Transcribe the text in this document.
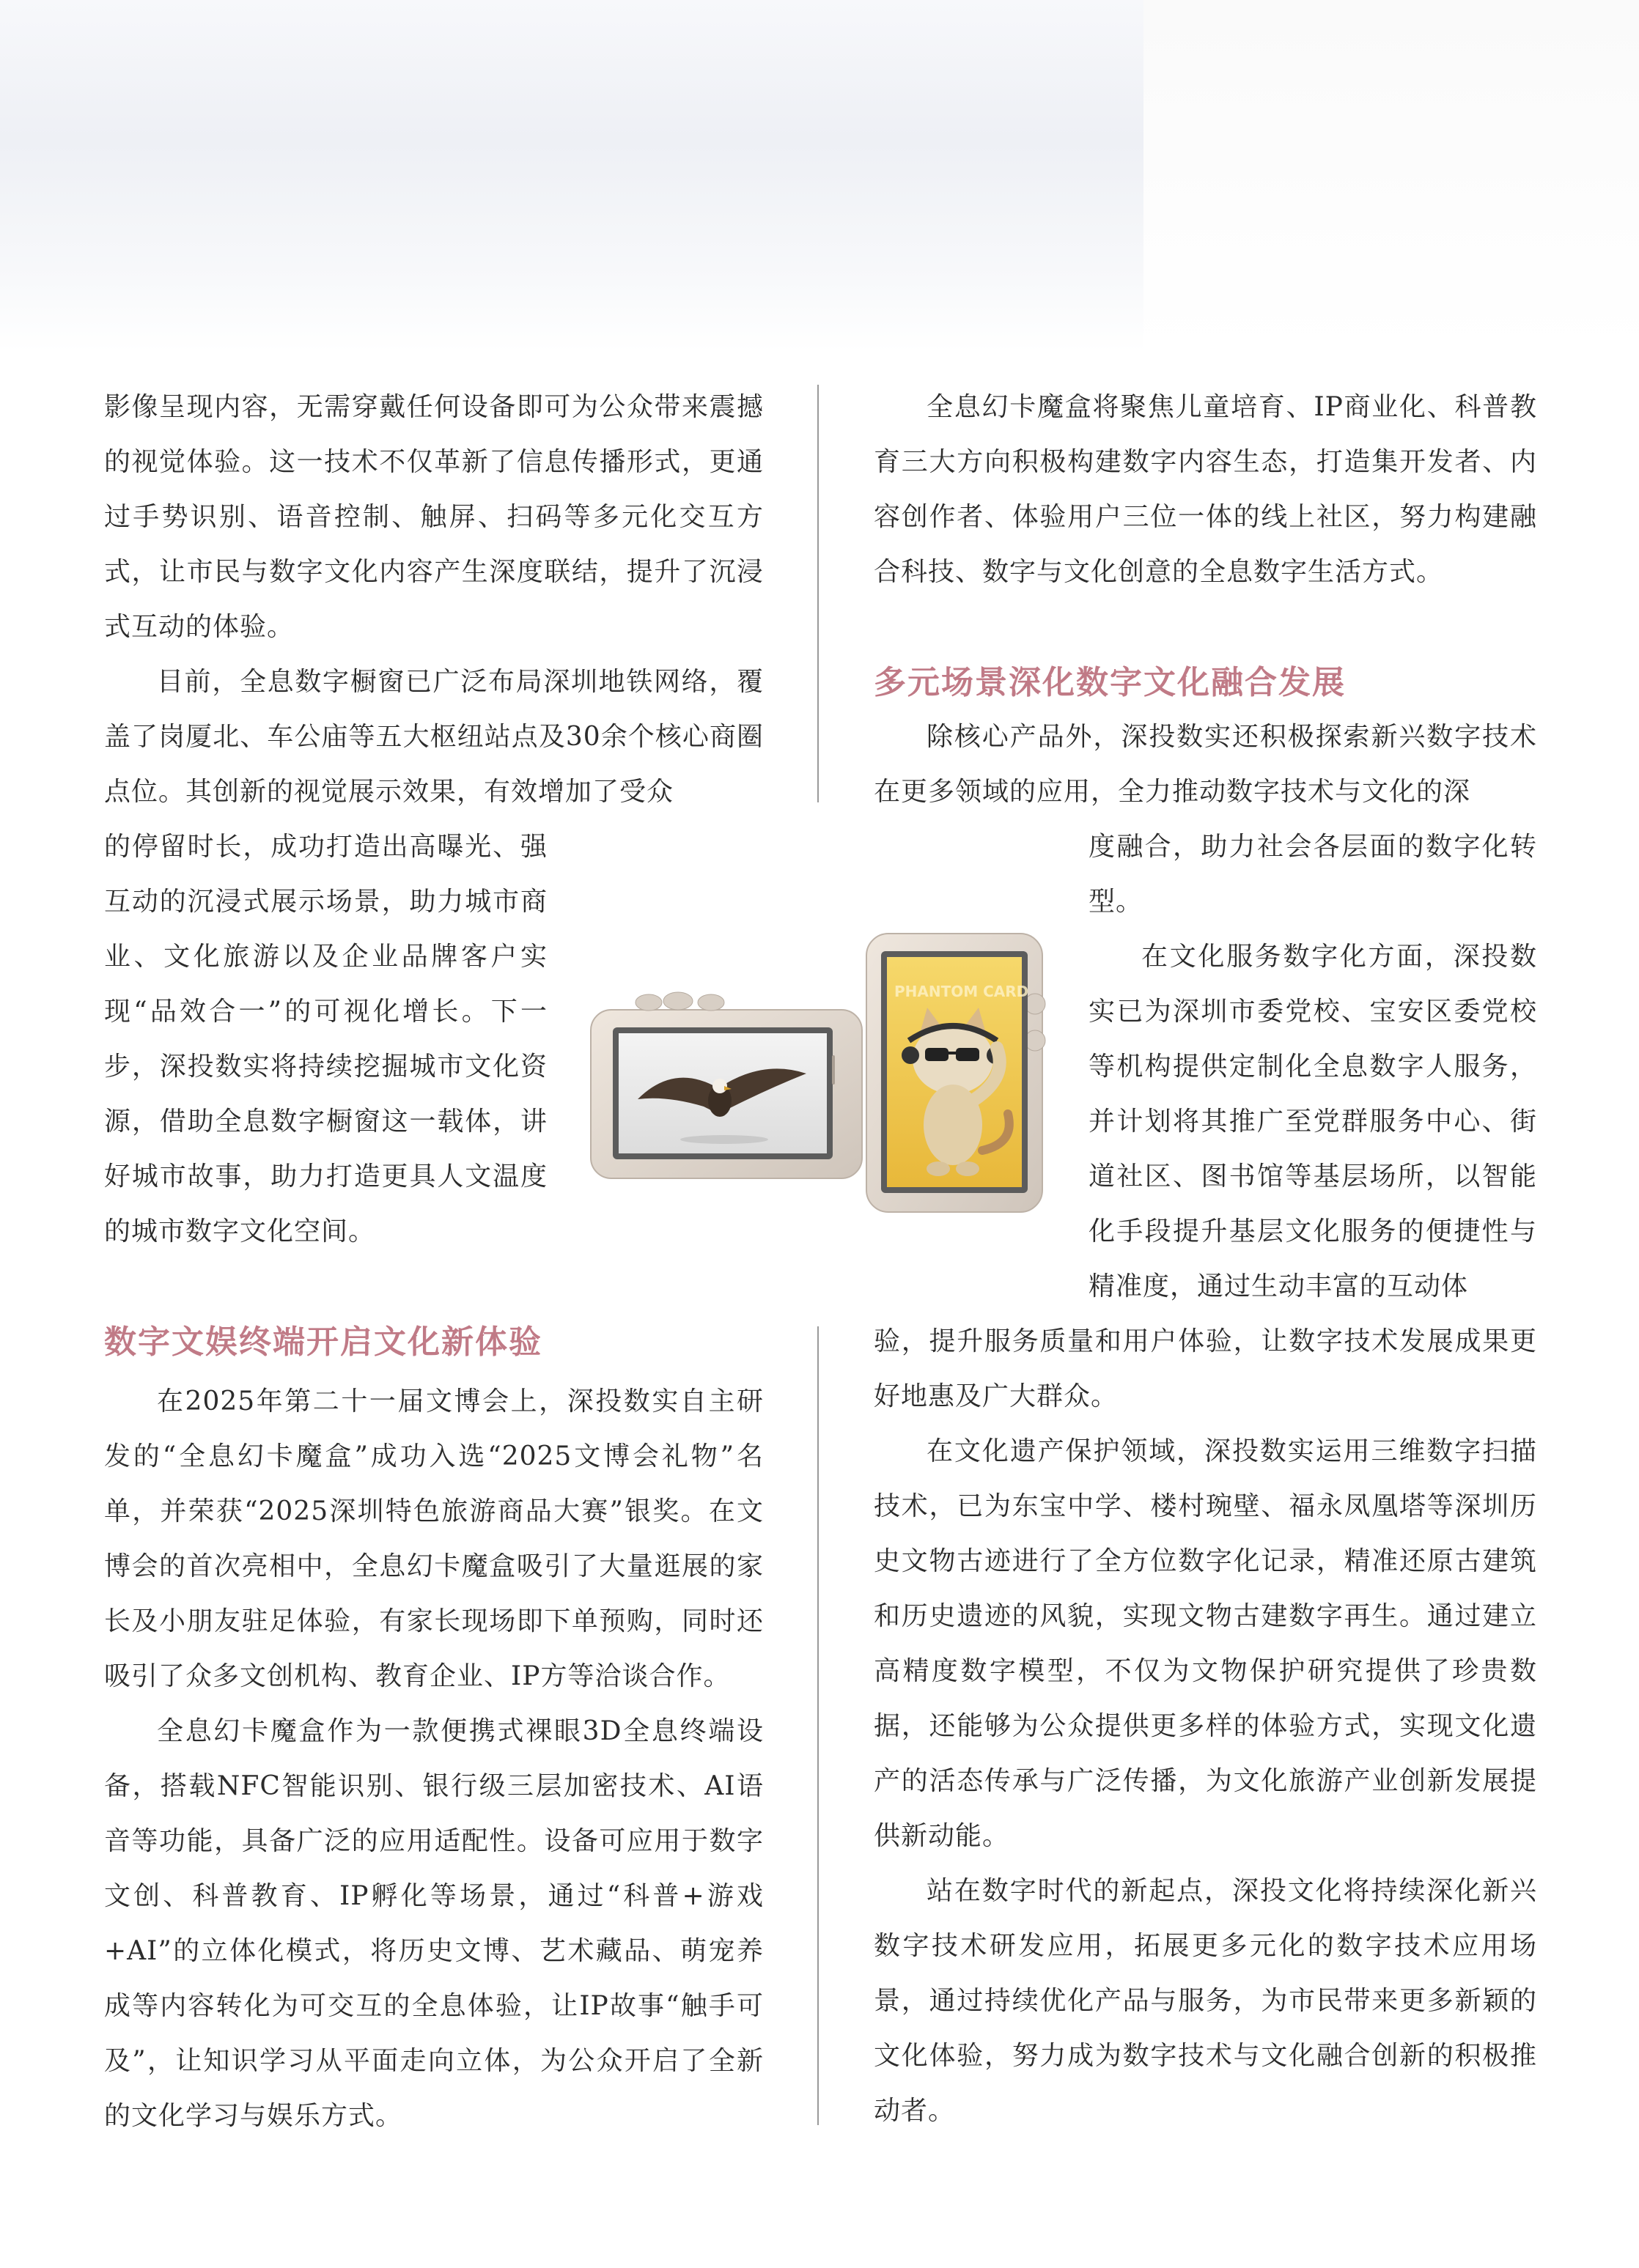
影像呈现内容，无需穿戴任何设备即可为公众带来震撼的视觉体验。这一技术不仅革新了信息传播形式，更通过手势识别、语音控制、触屏、扫码等多元化交互方式，让市民与数字文化内容产生深度联结，提升了沉浸式互动的体验。

目前，全息数字橱窗已广泛布局深圳地铁网络，覆盖了岗厦北、车公庙等五大枢纽站点及30余个核心商圈点位。其创新的视觉展示效果，有效增加了受众

的停留时长，成功打造出高曝光、强互动的沉浸式展示场景，助力城市商业、文化旅游以及企业品牌客户实现“品效合一”的可视化增长。下一步，深投数实将持续挖掘城市文化资源，借助全息数字橱窗这一载体，讲好城市故事，助力打造更具人文温度的城市数字文化空间。

数字文娱终端开启文化新体验

在2025年第二十一届文博会上，深投数实自主研发的“全息幻卡魔盒”成功入选“2025文博会礼物”名单，并荣获“2025深圳特色旅游商品大赛”银奖。在文博会的首次亮相中，全息幻卡魔盒吸引了大量逛展的家长及小朋友驻足体验，有家长现场即下单预购，同时还吸引了众多文创机构、教育企业、IP方等洽谈合作。

全息幻卡魔盒作为一款便携式裸眼3D全息终端设备，搭载NFC智能识别、银行级三层加密技术、AI语音等功能，具备广泛的应用适配性。设备可应用于数字文创、科普教育、IP孵化等场景，通过“科普+游戏+AI”的立体化模式，将历史文博、艺术藏品、萌宠养成等内容转化为可交互的全息体验，让IP故事“触手可及”，让知识学习从平面走向立体，为公众开启了全新的文化学习与娱乐方式。

全息幻卡魔盒将聚焦儿童培育、IP商业化、科普教育三大方向积极构建数字内容生态，打造集开发者、内容创作者、体验用户三位一体的线上社区，努力构建融合科技、数字与文化创意的全息数字生活方式。

多元场景深化数字文化融合发展

除核心产品外，深投数实还积极探索新兴数字技术在更多领域的应用，全力推动数字技术与文化的深

度融合，助力社会各层面的数字化转型。

在文化服务数字化方面，深投数实已为深圳市委党校、宝安区委党校等机构提供定制化全息数字人服务，并计划将其推广至党群服务中心、街道社区、图书馆等基层场所，以智能化手段提升基层文化服务的便捷性与精准度，通过生动丰富的互动体

验，提升服务质量和用户体验，让数字技术发展成果更好地惠及广大群众。

在文化遗产保护领域，深投数实运用三维数字扫描技术，已为东宝中学、楼村琬壁、福永凤凰塔等深圳历史文物古迹进行了全方位数字化记录，精准还原古建筑和历史遗迹的风貌，实现文物古建数字再生。通过建立高精度数字模型，不仅为文物保护研究提供了珍贵数据，还能够为公众提供更多样的体验方式，实现文化遗产的活态传承与广泛传播，为文化旅游产业创新发展提供新动能。

站在数字时代的新起点，深投文化将持续深化新兴数字技术研发应用，拓展更多元化的数字技术应用场景，通过持续优化产品与服务，为市民带来更多新颖的文化体验，努力成为数字技术与文化融合创新的积极推动者。

PHANTOM CARD
